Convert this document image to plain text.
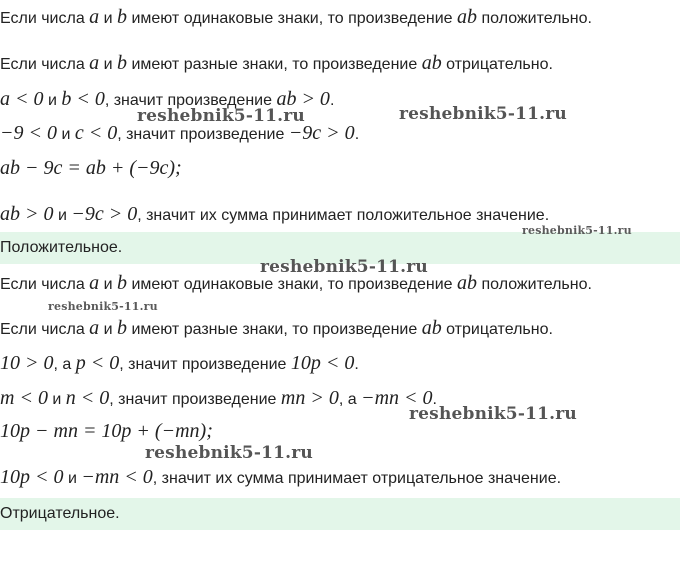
Если числа a и b имеют одинаковые знаки, то произведение ab положительно.
Если числа a и b имеют разные знаки, то произведение ab отрицательно.
a < 0 и b < 0, значит произведение ab > 0.
−9 < 0 и c < 0, значит произведение −9c > 0.
ab − 9c = ab + (−9c);
ab > 0 и −9c > 0, значит их сумма принимает положительное значение.
Положительное.
Если числа a и b имеют одинаковые знаки, то произведение ab положительно.
Если числа a и b имеют разные знаки, то произведение ab отрицательно.
10 > 0, а p < 0, значит произведение 10p < 0.
m < 0 и n < 0, значит произведение mn > 0, а −mn < 0.
10p − mn = 10p + (−mn);
10p < 0 и −mn < 0, значит их сумма принимает отрицательное значение.
Отрицательное.
reshebnik5-11.ru	reshebnik5-11.ru
reshebnik5-11.ru
reshebnik5-11.ru
reshebnik5-11.ru
reshebnik5-11.ru
reshebnik5-11.ru
